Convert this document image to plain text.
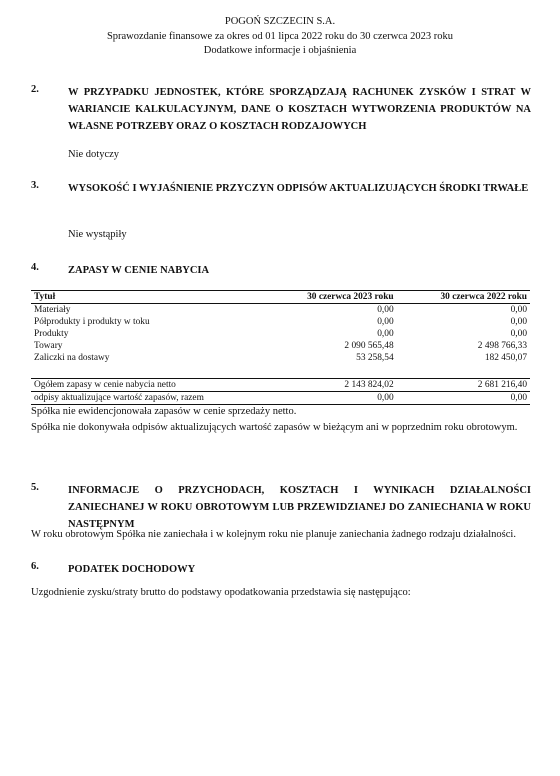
POGOŃ SZCZECIN S.A.
Sprawozdanie finansowe za okres od 01 lipca 2022 roku do 30 czerwca 2023 roku
Dodatkowe informacje i objaśnienia
2.	W PRZYPADKU JEDNOSTEK, KTÓRE SPORZĄDZAJĄ RACHUNEK ZYSKÓW I STRAT W WARIANCIE KALKULACYJNYM, DANE O KOSZTACH WYTWORZENIA PRODUKTÓW NA WŁASNE POTRZEBY ORAZ O KOSZTACH RODZAJOWYCH
Nie dotyczy
3.	WYSOKOŚĆ I WYJAŚNIENIE PRZYCZYN ODPISÓW AKTUALIZUJĄCYCH ŚRODKI TRWAŁE
Nie wystąpiły
4.	ZAPASY W CENIE NABYCIA
Tytuł	30 czerwca 2023 roku	30 czerwca 2022 roku
Materiały	0,00	0,00
Półprodukty i produkty w toku	0,00	0,00
Produkty	0,00	0,00
Towary	2 090 565,48	2 498 766,33
Zaliczki na dostawy	53 258,54	182 450,07

Ogółem zapasy w cenie nabycia netto	2 143 824,02	2 681 216,40
odpisy aktualizujące wartość zapasów, razem	0,00	0,00
Spółka nie ewidencjonowała zapasów w cenie sprzedaży netto.
Spółka nie dokonywała odpisów aktualizujących wartość zapasów w bieżącym ani w poprzednim roku obrotowym.
5.	INFORMACJE O PRZYCHODACH, KOSZTACH I WYNIKACH DZIAŁALNOŚCI ZANIECHANEJ W ROKU OBROTOWYM LUB PRZEWIDZIANEJ DO ZANIECHANIA W ROKU NASTĘPNYM
W roku obrotowym Spółka nie zaniechała i w kolejnym roku nie planuje zaniechania żadnego rodzaju działalności.
6.	PODATEK DOCHODOWY
Uzgodnienie zysku/straty brutto do podstawy opodatkowania przedstawia się następująco:
